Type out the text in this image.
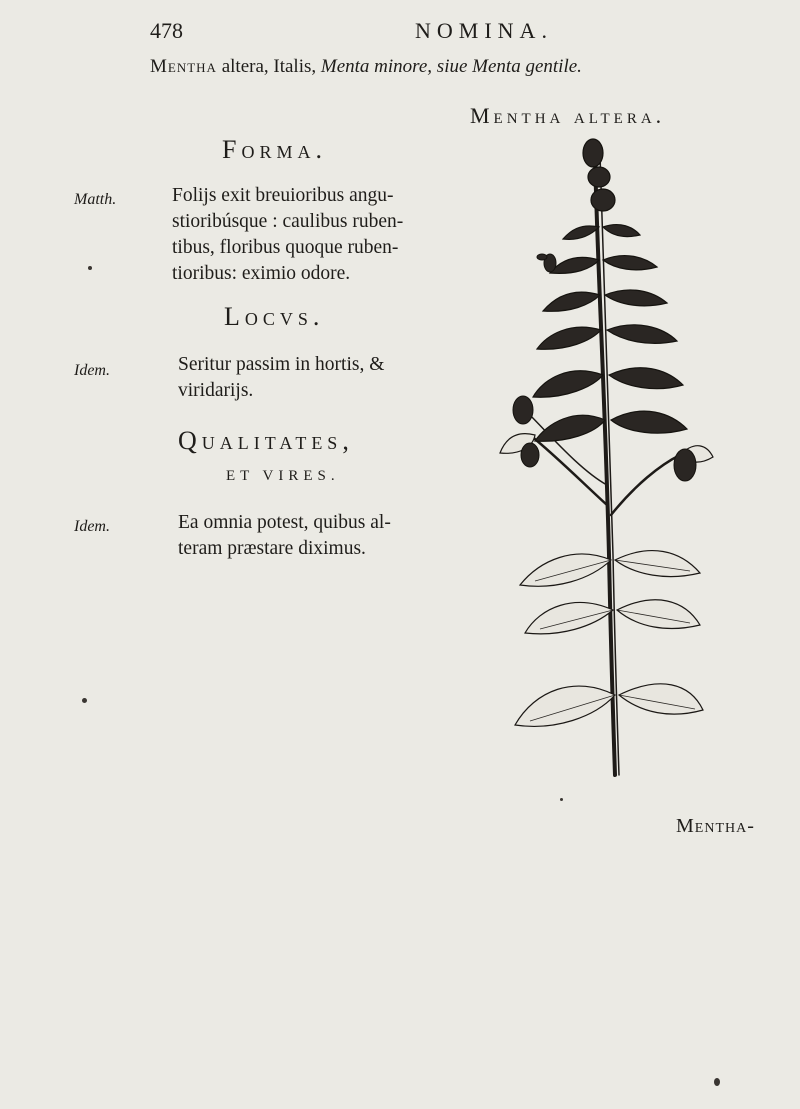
478	NOMINA.
Mentha altera, Italis, Menta minore, siue Menta gentile.
Mentha altera.
Forma.
Matth.	Folijs exit breuioribus angu-
stioribúsque : caulibus ruben-
tibus, floribus quoque ruben-
tioribus: eximio odore.

Locvs.
Idem.	Seritur passim in hortis, &
viridarijs.

Qualitates,
ET VIRES.
Idem.	Ea omnia potest, quibus al-
teram præstare diximus.

Mentha-
